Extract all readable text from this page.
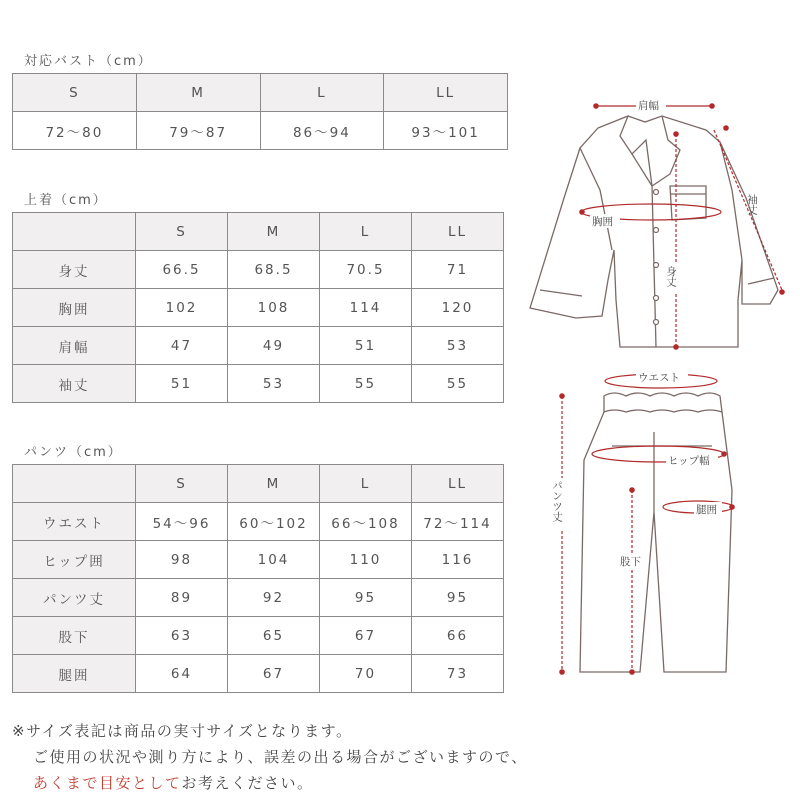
対応バスト（cm）
S	M	L	LL
72～80	79～87	86～94	93～101
上着（cm）
	S	M	L	LL
身丈	66.5	68.5	70.5	71
胸囲	102	108	114	120
肩幅	47	49	51	53
袖丈	51	53	55	55
パンツ（cm）
	S	M	L	LL
ウエスト	54～96	60～102	66～108	72～114
ヒップ囲	98	104	110	116
パンツ丈	89	92	95	95
股下	63	65	67	66
腿囲	64	67	70	73
※サイズ表記は商品の実寸サイズとなります。
ご使用の状況や測り方により、誤差の出る場合がございますので、
あくまで目安としてお考えください。
肩幅
袖丈
胸囲
身丈
ウエスト
ヒップ幅
腿囲
股下
パンツ丈
